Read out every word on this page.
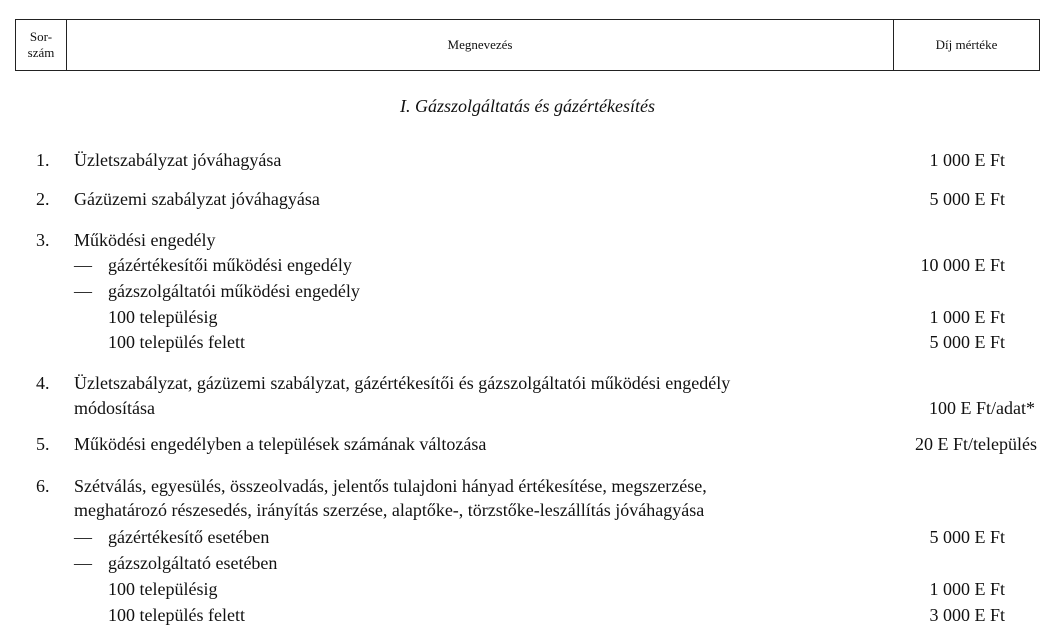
Sor-
szám
Megnevezés	Díj mértéke
I. Gázszolgáltatás és gázértékesítés
1. Üzletszabályzat jóváhagyása	1 000 E Ft
2. Gázüzemi szabályzat jóváhagyása	5 000 E Ft
3. Működési engedély
— gázértékesítői működési engedély	10 000 E Ft
— gázszolgáltatói működési engedély
100 településig	1 000 E Ft
100 település felett	5 000 E Ft
4. Üzletszabályzat, gázüzemi szabályzat, gázértékesítői és gázszolgáltatói működési engedély
módosítása	100 E Ft/adat*
5. Működési engedélyben a települések számának változása	20 E Ft/település
6. Szétválás, egyesülés, összeolvadás, jelentős tulajdoni hányad értékesítése, megszerzése,
meghatározó részesedés, irányítás szerzése, alaptőke-, törzstőke-leszállítás jóváhagyása
— gázértékesítő esetében	5 000 E Ft
— gázszolgáltató esetében
100 településig	1 000 E Ft
100 település felett	3 000 E Ft
